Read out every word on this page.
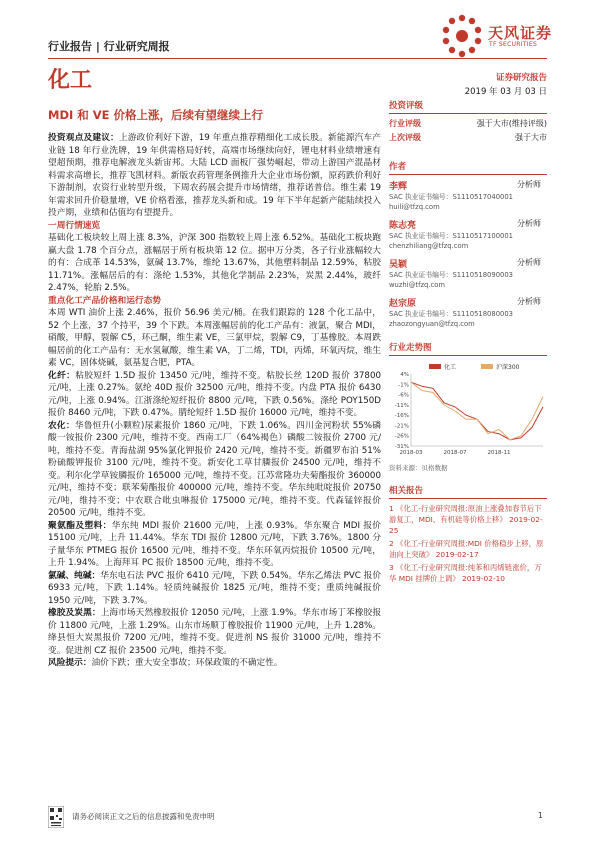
天风证券
TF SECURITIES
行业报告 | 行业研究周报
化工	证券研究报告
2019 年 03 月 03 日
MDI 和 VE 价格上涨，后续有望继续上行

投资观点及建议：上游政价利好下游，19 年重点推荐精细化工成长股。新能源汽车产业链 18 年行业洗牌，19 年供需格局好转，高端市场继续向好，锂电材料业绩增速有望超预期，推荐电解液龙头新宙邦。大陆 LCD 面板厂强势崛起，带动上游国产混晶材料需求高增长，推荐飞凯材料。新版农药管理条例推升大企业市场份额，原药跌价利好下游制剂，农资行业转型升级，下周农药展会提升市场情绪，推荐诺普信。维生素 19 年需求回升价稳量增，VE 价格看涨，推荐龙头新和成。19 年下半年起新产能陆续投入投产期，业绩和估值均有望提升。

一周行情速览

基础化工板块较上周上涨 8.3%，沪深 300 指数较上周上涨 6.52%。基础化工板块跑赢大盘 1.78 个百分点，涨幅居于所有板块第 12 位。据申万分类，各子行业涨幅较大的有：合成革 14.53%，氨碱 13.7%，维纶 13.67%，其他塑料制品 12.59%，粘胶 11.71%。涨幅居后的有：涤纶 1.53%，其他化学制品 2.23%，炭黑 2.44%，玻纤 2.47%，轮胎 2.5%。

重点化工产品价格和运行态势

本周 WTI 油价上涨 2.46%，报价 56.96 美元/桶。在我们跟踪的 128 个化工品中，52 个上涨，37 个持平，39 个下跌。本周涨幅居前的化工产品有：液氯，聚合 MDI，硝酸，甲醇，裂解 C5，环己酮，维生素 VE，三氯甲烷，裂解 C9，丁基橡胶。本周跌幅居前的化工产品有：无水氢氟酸，维生素 VA，丁二烯，TDI，丙烯，环氧丙烷，维生素 VC，固体烧碱，氨基复合肥，PTA。

化纤：粘胶短纤 1.5D 报价 13450 元/吨，维持不变。粘胶长丝 120D 报价 37800 元/吨，上涨 0.27%。氨纶 40D 报价 32500 元/吨，维持不变。内盘 PTA 报价 6430 元/吨，上涨 0.94%。江浙涤纶短纤报价 8800 元/吨，下跌 0.56%。涤纶 POY150D 报价 8460 元/吨，下跌 0.47%。腈纶短纤 1.5D 报价 16000 元/吨，维持不变。

农化：华鲁恒升(小颗粒)尿素报价 1860 元/吨，下跌 1.06%。四川金河粉状 55%磷酸一铵报价 2300 元/吨，维持不变。西南工厂（64%褐色）磷酸二铵报价 2700 元/吨，维持不变。青海盐湖 95%氯化钾报价 2420 元/吨，维持不变。新疆罗布泊 51%粉硫酸钾报价 3100 元/吨，维持不变。新安化工草甘膦报价 24500 元/吨，维持不变。利尔化学草铵膦报价 165000 元/吨，维持不变。江苏常隆功夫菊酯报价 360000 元/吨，维持不变；联苯菊酯报价 400000 元/吨，维持不变。华东纯吡啶报价 20750 元/吨，维持不变；中农联合吡虫啉报价 175000 元/吨，维持不变。代森锰锌报价 20500 元/吨，维持不变。

聚氨酯及塑料：华东纯 MDI 报价 21600 元/吨，上涨 0.93%。华东聚合 MDI 报价 15100 元/吨，上升 11.44%。华东 TDI 报价 12800 元/吨，下跌 3.76%。1800 分子量华东 PTMEG 报价 16500 元/吨，维持不变。华东环氧丙烷报价 10500 元/吨，上升 1.94%。上海拜耳 PC 报价 18500 元/吨，维持不变。

氯碱、纯碱：华东电石法 PVC 报价 6410 元/吨，下跌 0.54%。华东乙烯法 PVC 报价 6933 元/吨，下跌 1.14%。轻质纯碱报价 1825 元/吨，维持不变；重质纯碱报价 1950 元/吨，下跌 3.7%。

橡胶及炭黑：上海市场天然橡胶报价 12050 元/吨，上涨 1.9%。华东市场丁苯橡胶报价 11800 元/吨，上涨 1.29%。山东市场顺丁橡胶报价 11900 元/吨，上升 1.28%。绛县恒大炭黑报价 7200 元/吨，维持不变。促进剂 NS 报价 31000 元/吨，维持不变。促进剂 CZ 报价 23500 元/吨，维持不变。

风险提示：油价下跌；重大安全事故；环保政策的不确定性。

投资评级
行业评级	强于大市(维持评级)
上次评级	强于大市
作者
李辉	分析师
SAC 执业证书编号：S1110517040001
huili@tfzq.com
陈志亮	分析师
SAC 执业证书编号：S1110517100001
chenzhiliang@tfzq.com
吴颖	分析师
SAC 执业证书编号：S1110518090003
wuzhi@tfzq.com
赵宗原	分析师
SAC 执业证书编号：S1110518080003
zhaozongyuan@tfzq.com
行业走势图
4%
-1%
-6%
-11%
-16%
-21%
-26%
-31%
2018-03	2018-07	2018-11
化工	沪深300
资料来源：贝格数据
相关报告
1 《化工-行业研究周报:原油上涨叠加春节后下游复工，MDI、有机硅等价格上移》 2019-02-25
2 《化工-行业研究周报:MDI 价格稳步上移，原油向上突破》 2019-02-17
3 《化工-行业研究周报:纯苯和丙烯链涨价，万华 MDI 挂牌价上调》 2019-02-10
请务必阅读正文之后的信息披露和免责申明	1
